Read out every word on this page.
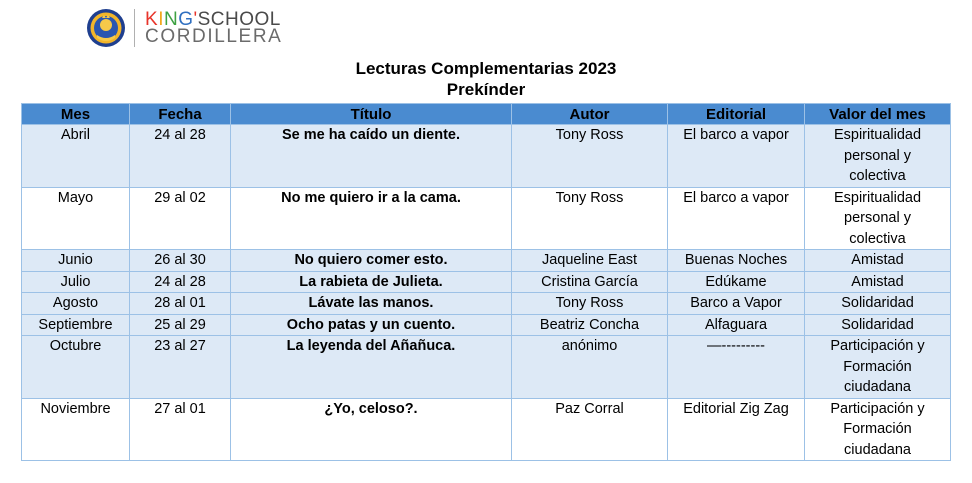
KING'SCHOOL
CORDILLERA
Lecturas Complementarias 2023
Prekínder
Mes	Fecha	Título	Autor	Editorial	Valor del mes
Abril	24 al 28	Se me ha caído un diente.	Tony Ross	El barco a vapor	Espiritualidad
personal y
colectiva

Mayo	29 al 02	No me quiero ir a la cama.	Tony Ross	El barco a vapor	Espiritualidad
personal y
colectiva

Junio	26 al 30	No quiero comer esto.	Jaqueline East	Buenas Noches	Amistad

Julio	24 al 28	La rabieta de Julieta.	Cristina García	Edúkame	Amistad

Agosto	28 al 01	Lávate las manos.	Tony Ross	Barco a Vapor	Solidaridad

Septiembre	25 al 29	Ocho patas y un cuento.	Beatriz Concha	Alfaguara	Solidaridad

Octubre	23 al 27	La leyenda del Añañuca.	anónimo	—---------	Participación y
Formación
ciudadana

Noviembre	27 al 01	¿Yo, celoso?.	Paz Corral	Editorial Zig Zag	Participación y
Formación
ciudadana
